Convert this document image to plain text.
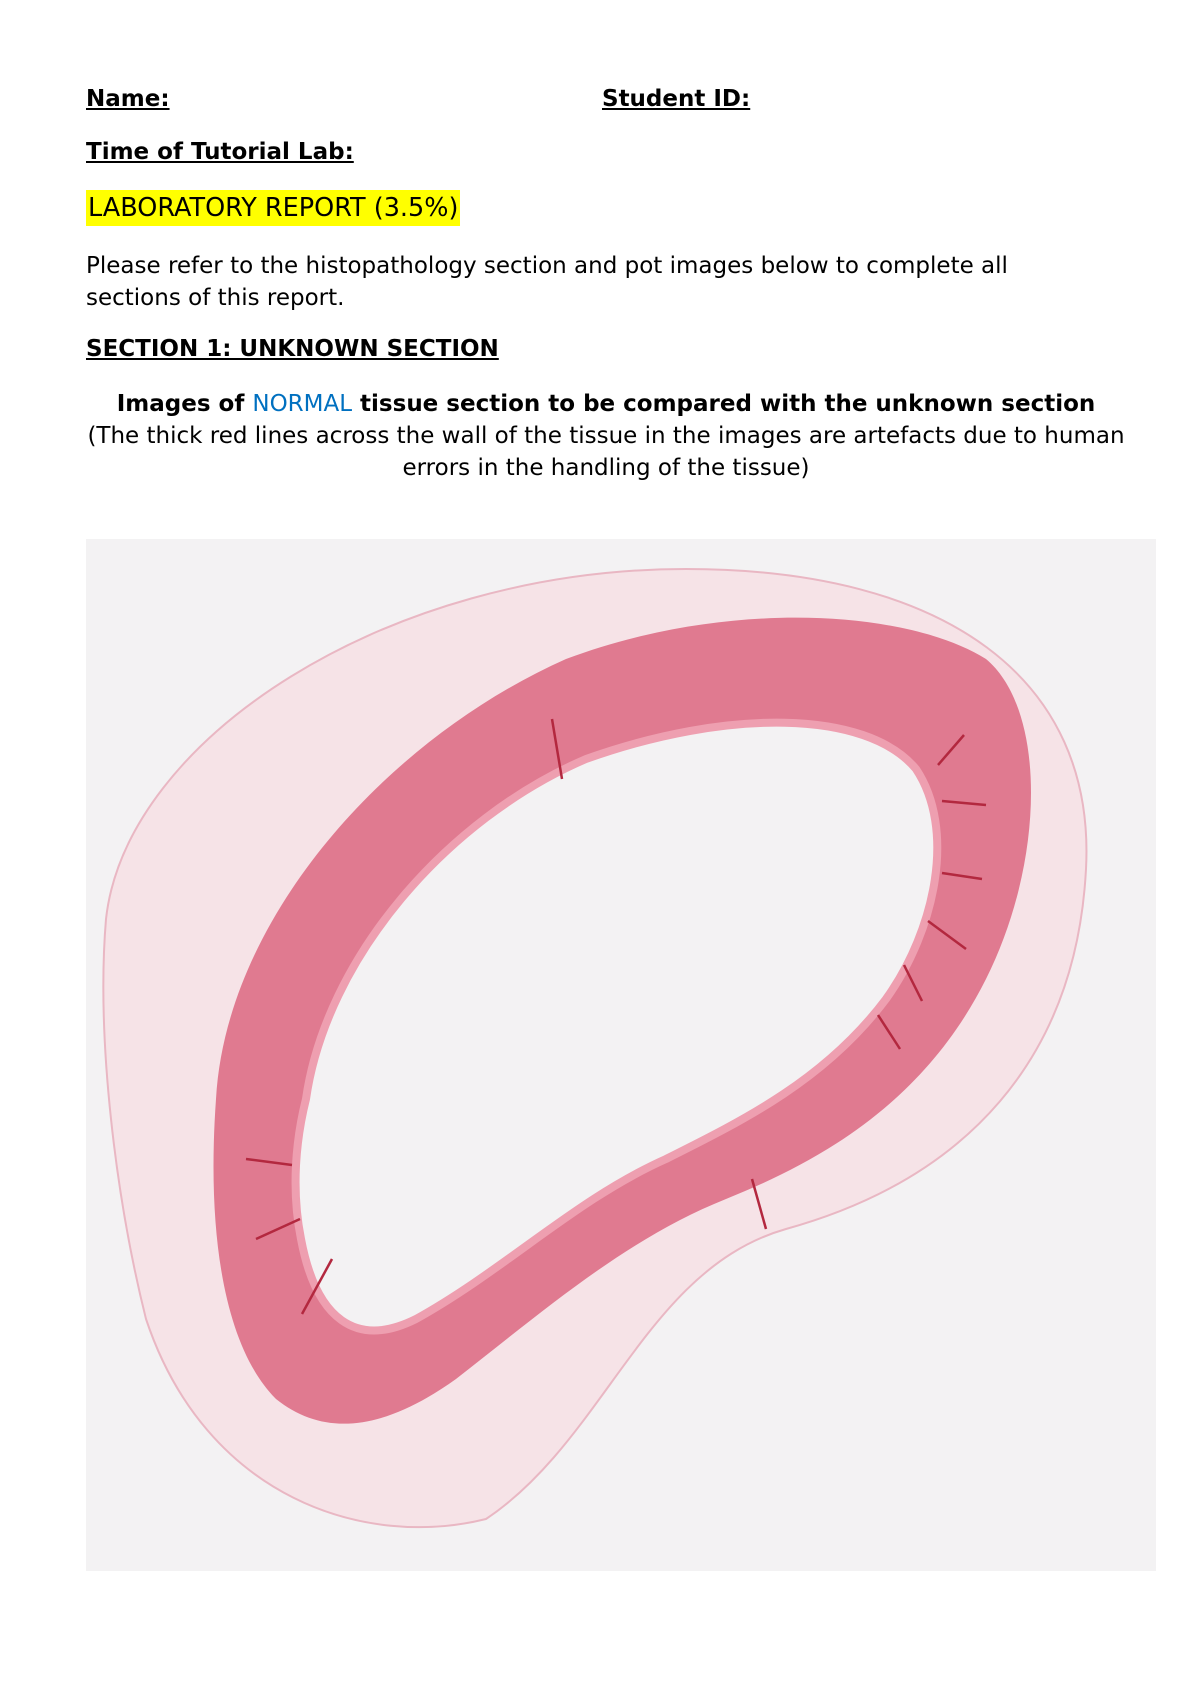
Name:	Student ID:
Time of Tutorial Lab:
LABORATORY REPORT (3.5%)
Please refer to the histopathology section and pot images below to complete all sections of this report.
SECTION 1: UNKNOWN SECTION
Images of NORMAL tissue section to be compared with the unknown section
(The thick red lines across the wall of the tissue in the images are artefacts due to human errors in the handling of the tissue)
